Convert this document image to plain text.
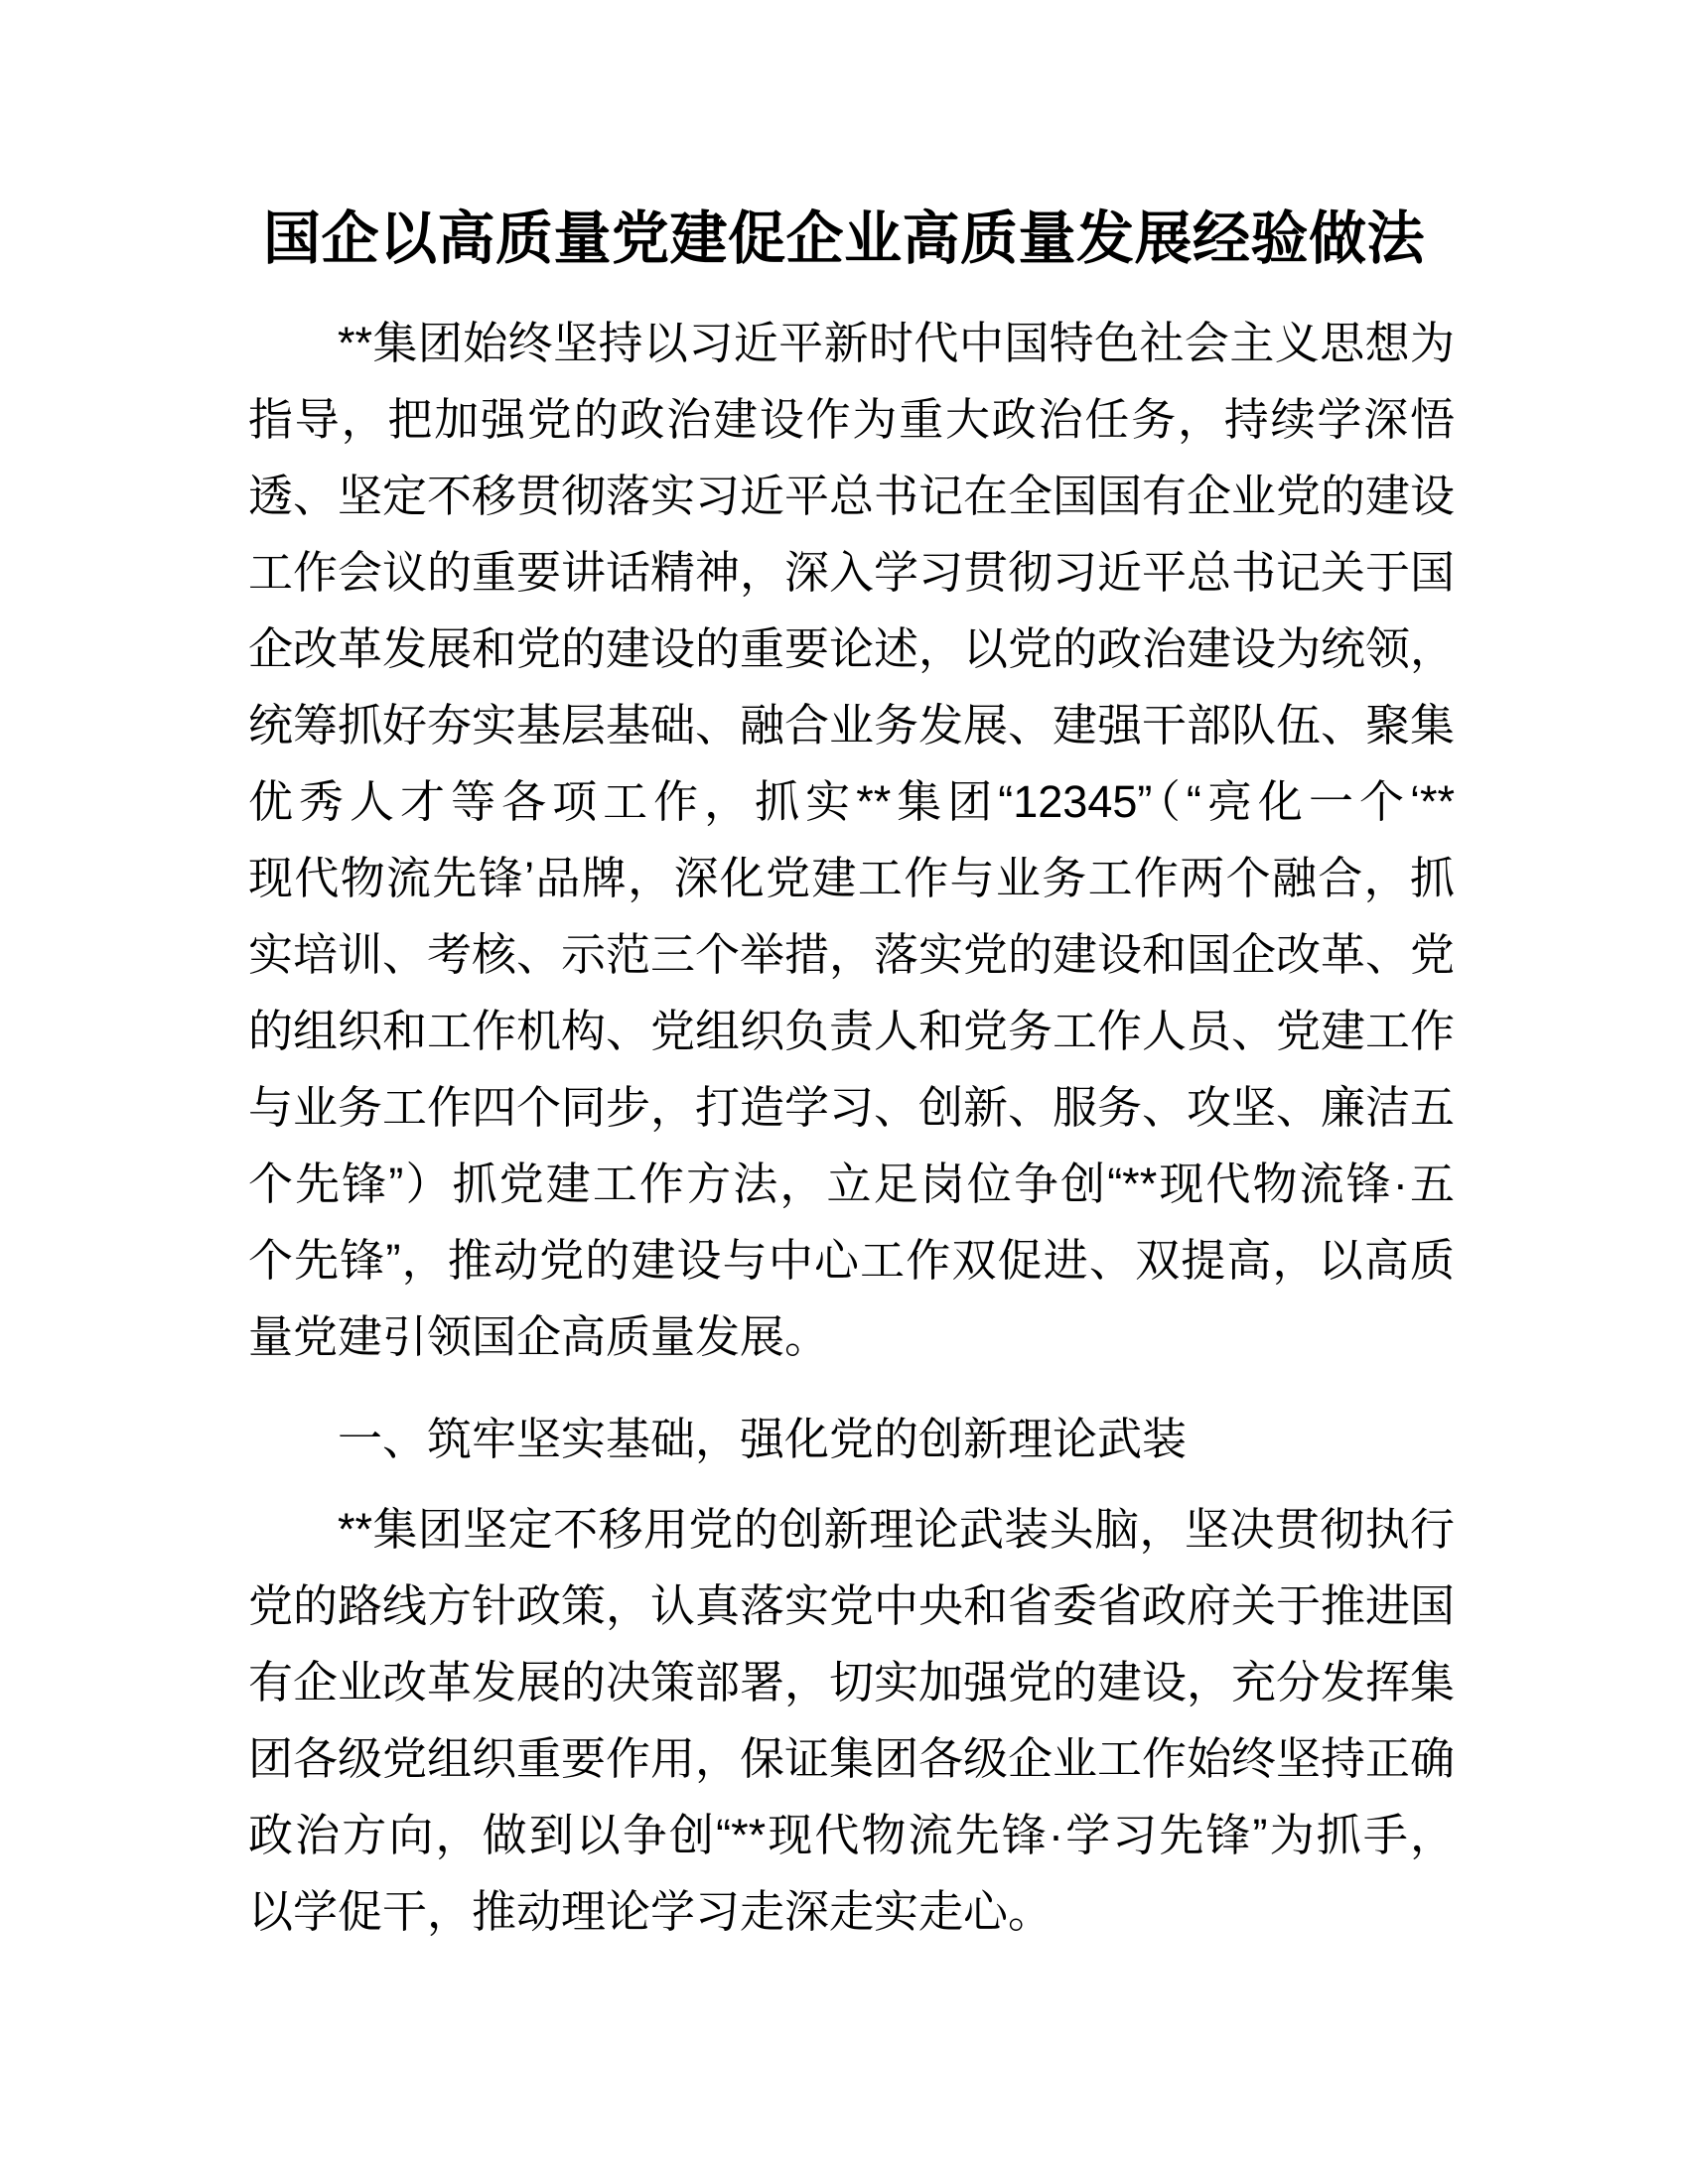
国企以高质量党建促企业高质量发展经验做法
**集团始终坚持以习近平新时代中国特色社会主义思想为
指导，把加强党的政治建设作为重大政治任务，持续学深悟
透、坚定不移贯彻落实习近平总书记在全国国有企业党的建设
工作会议的重要讲话精神，深入学习贯彻习近平总书记关于国
企改革发展和党的建设的重要论述，以党的政治建设为统领，
统筹抓好夯实基层基础、融合业务发展、建强干部队伍、聚集
优秀人才等各项工作，抓实**集团“12345”（“亮化一个‘**
现代物流先锋’品牌，深化党建工作与业务工作两个融合，抓
实培训、考核、示范三个举措，落实党的建设和国企改革、党
的组织和工作机构、党组织负责人和党务工作人员、党建工作
与业务工作四个同步，打造学习、创新、服务、攻坚、廉洁五
个先锋”）抓党建工作方法，立足岗位争创“**现代物流锋·五
个先锋”，推动党的建设与中心工作双促进、双提高，以高质
量党建引领国企高质量发展。
一、筑牢坚实基础，强化党的创新理论武装
**集团坚定不移用党的创新理论武装头脑，坚决贯彻执行
党的路线方针政策，认真落实党中央和省委省政府关于推进国
有企业改革发展的决策部署，切实加强党的建设，充分发挥集
团各级党组织重要作用，保证集团各级企业工作始终坚持正确
政治方向，做到以争创“**现代物流先锋·学习先锋”为抓手，
以学促干，推动理论学习走深走实走心。
